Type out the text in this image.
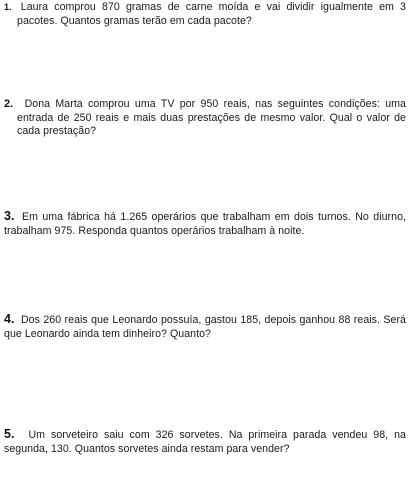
1. Laura comprou 870 gramas de carne moída e vai dividir igualmente em 3 pacotes. Quantos gramas terão em cada pacote?
2. Dona Marta comprou uma TV por 950 reais, nas seguintes condições: uma entrada de 250 reais e mais duas prestações de mesmo valor. Qual o valor de cada prestação?
3. Em uma fábrica há 1.265 operários que trabalham em dois turnos. No diurno, trabalham 975. Responda quantos operários trabalham à noite.
4. Dos 260 reais que Leonardo possuía, gastou 185, depois ganhou 88 reais. Será que Leonardo ainda tem dinheiro? Quanto?
5. Um sorveteiro saiu com 326 sorvetes. Na primeira parada vendeu 98, na segunda, 130. Quantos sorvetes ainda restam para vender?
